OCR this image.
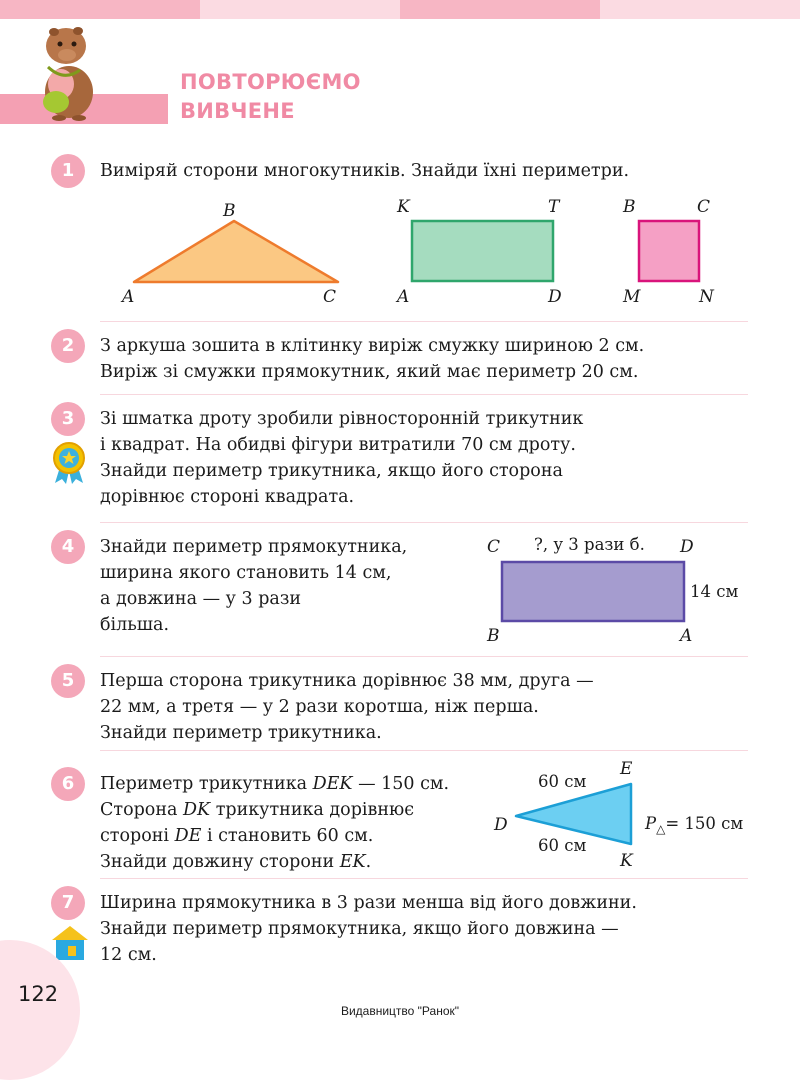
ПОВТОРЮЄМО
ВИВЧЕНЕ
1	Виміряй сторони многокутників. Знайди їхні периметри.
B
A	C
K	T
A	D
B	C
M	N
2	З аркуша зошита в клітинку виріж смужку шириною 2 см.
Виріж зі смужки прямокутник, який має периметр 20 см.
3	Зі шматка дроту зробили рівносторонній трикутник
і квадрат. На обидві фігури витратили 70 см дроту.
Знайди периметр трикутника, якщо його сторона
дорівнює стороні квадрата.
4	Знайди периметр прямокутника,
ширина якого становить 14 см,
а довжина — у 3 рази
більша.
C	D
B	A
?, у 3 рази б.
14 см
5	Перша сторона трикутника дорівнює 38 мм, друга —
22 мм, а третя — у 2 рази коротша, ніж перша.
Знайди периметр трикутника.
6	Периметр трикутника DEK — 150 см.
Сторона DK трикутника дорівнює
стороні DE і становить 60 см.
Знайди довжину сторони EK.
E
D
K
60 см
60 см
$P_\triangle= 150$ см
7	Ширина прямокутника в 3 рази менша від його довжини.
Знайди периметр прямокутника, якщо його довжина —
12 см.
122
Видавництво "Ранок"
